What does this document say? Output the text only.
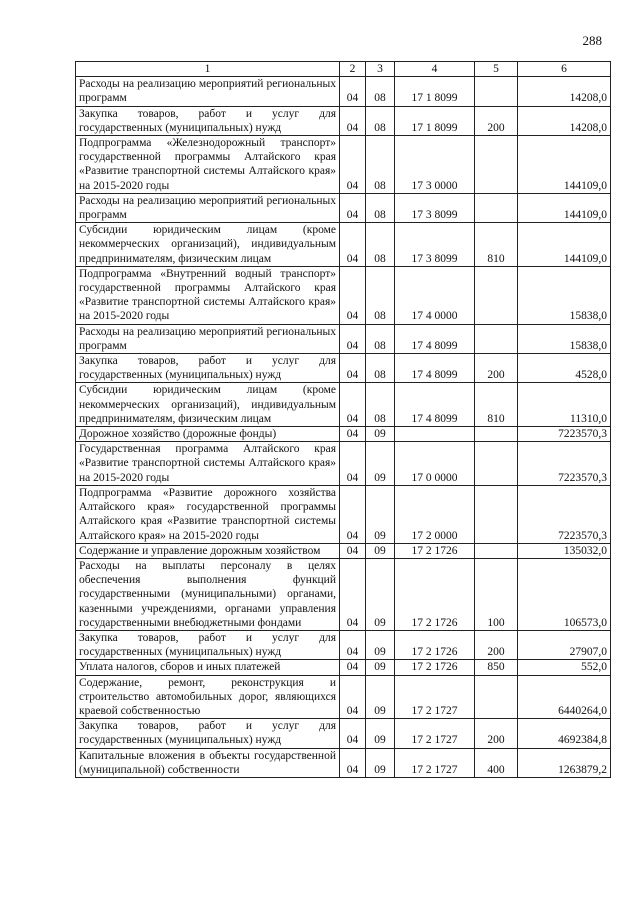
288
1	2	3	4	5	6
Расходы на реализацию мероприятий региональных программ	04	08	17 1 8099		14208,0
Закупка товаров, работ и услуг для государственных (муниципальных) нужд	04	08	17 1 8099	200	14208,0
Подпрограмма «Железнодорожный транспорт» государственной программы Алтайского края «Развитие транспортной системы Алтайского края» на 2015-2020 годы	04	08	17 3 0000		144109,0
Расходы на реализацию мероприятий региональных программ	04	08	17 3 8099		144109,0
Субсидии юридическим лицам (кроме некоммерческих организаций), индивидуальным предпринимателям, физическим лицам	04	08	17 3 8099	810	144109,0
Подпрограмма «Внутренний водный транспорт» государственной программы Алтайского края «Развитие транспортной системы Алтайского края» на 2015-2020 годы	04	08	17 4 0000		15838,0
Расходы на реализацию мероприятий региональных программ	04	08	17 4 8099		15838,0
Закупка товаров, работ и услуг для государственных (муниципальных) нужд	04	08	17 4 8099	200	4528,0
Субсидии юридическим лицам (кроме некоммерческих организаций), индивидуальным предпринимателям, физическим лицам	04	08	17 4 8099	810	11310,0
Дорожное хозяйство (дорожные фонды)	04	09			7223570,3
Государственная программа Алтайского края «Развитие транспортной системы Алтайского края» на 2015-2020 годы	04	09	17 0 0000		7223570,3
Подпрограмма «Развитие дорожного хозяйства Алтайского края» государственной программы Алтайского края «Развитие транспортной системы Алтайского края» на 2015-2020 годы	04	09	17 2 0000		7223570,3
Содержание и управление дорожным хозяйством	04	09	17 2 1726		135032,0
Расходы на выплаты персоналу в целях обеспечения выполнения функций государственными (муниципальными) органами, казенными учреждениями, органами управления государственными внебюджетными фондами	04	09	17 2 1726	100	106573,0
Закупка товаров, работ и услуг для государственных (муниципальных) нужд	04	09	17 2 1726	200	27907,0
Уплата налогов, сборов и иных платежей	04	09	17 2 1726	850	552,0
Содержание, ремонт, реконструкция и строительство автомобильных дорог, являющихся краевой собственностью	04	09	17 2 1727		6440264,0
Закупка товаров, работ и услуг для государственных (муниципальных) нужд	04	09	17 2 1727	200	4692384,8
Капитальные вложения в объекты государственной (муниципальной) собственности	04	09	17 2 1727	400	1263879,2
